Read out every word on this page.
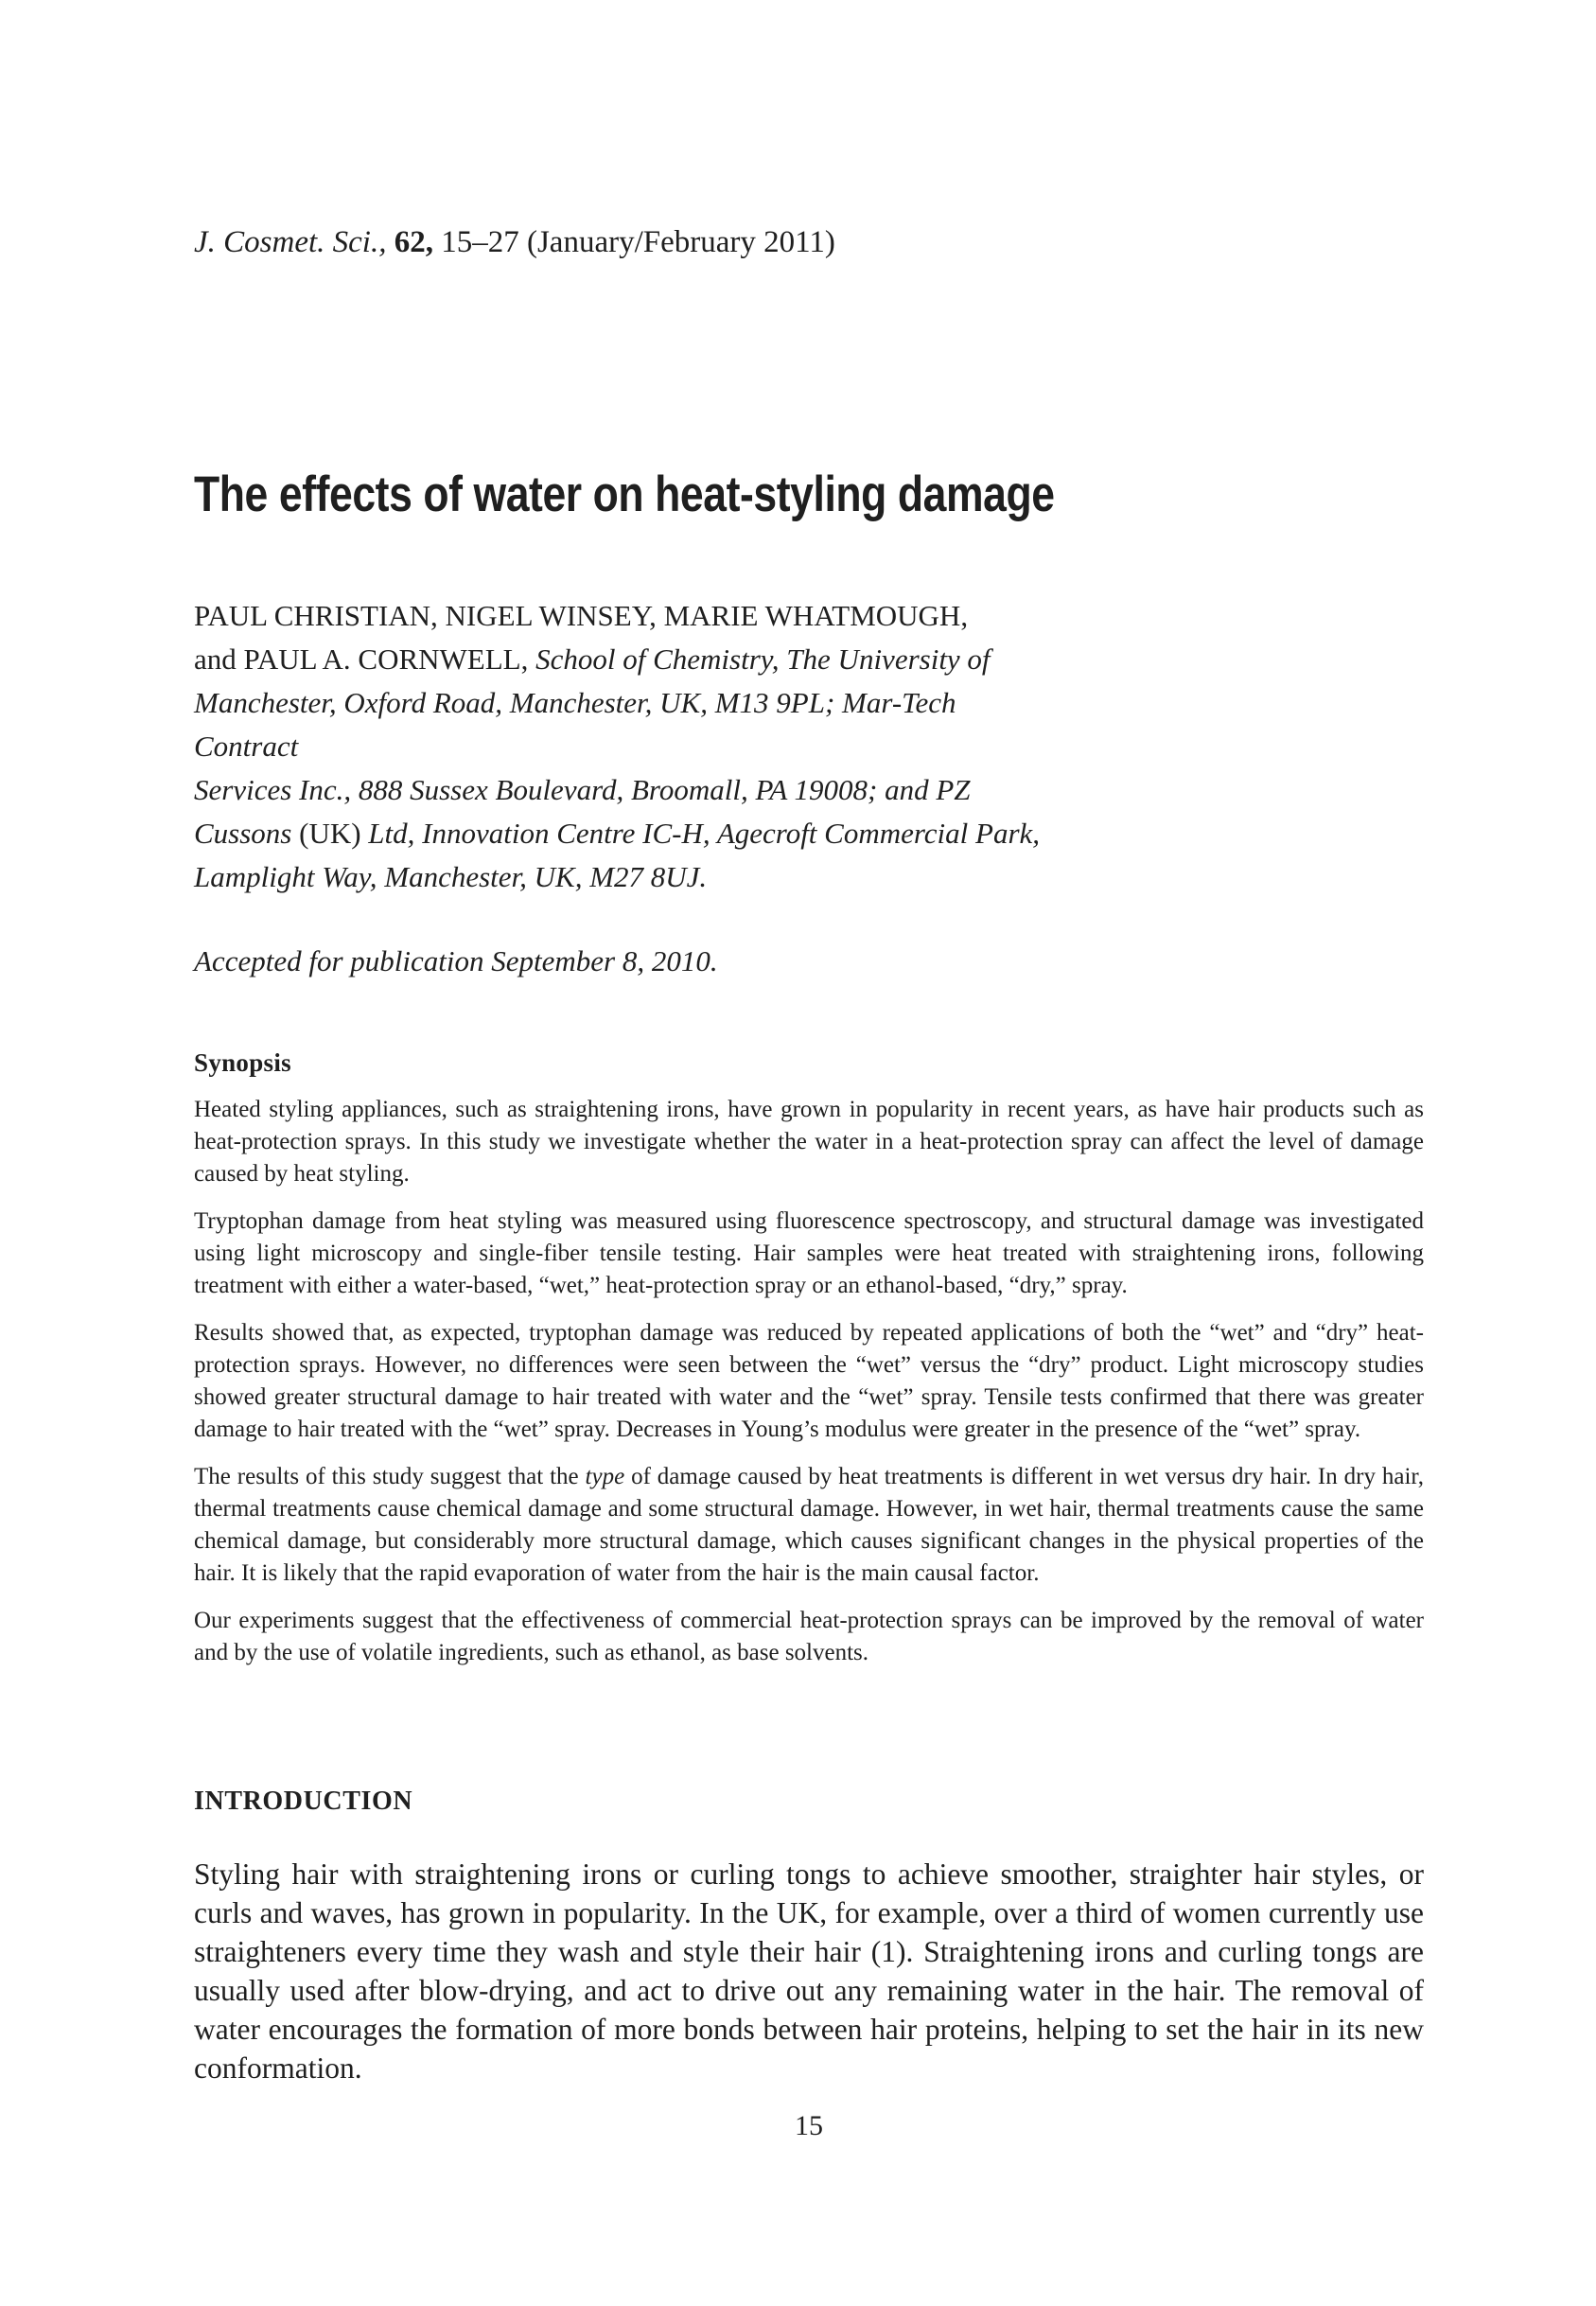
J. Cosmet. Sci., 62, 15–27 (January/February 2011)
The effects of water on heat-styling damage
PAUL CHRISTIAN, NIGEL WINSEY, MARIE WHATMOUGH,
and PAUL A. CORNWELL, School of Chemistry, The University of
Manchester, Oxford Road, Manchester, UK, M13 9PL; Mar-Tech Contract
Services Inc., 888 Sussex Boulevard, Broomall, PA 19008; and PZ
Cussons (UK) Ltd, Innovation Centre IC-H, Agecroft Commercial Park,
Lamplight Way, Manchester, UK, M27 8UJ.
Accepted for publication September 8, 2010.
Synopsis

Heated styling appliances, such as straightening irons, have grown in popularity in recent years, as have hair products such as heat-protection sprays. In this study we investigate whether the water in a heat-protection spray can affect the level of damage caused by heat styling.

Tryptophan damage from heat styling was measured using fluorescence spectroscopy, and structural damage was investigated using light microscopy and single-fiber tensile testing. Hair samples were heat treated with straightening irons, following treatment with either a water-based, “wet,” heat-protection spray or an ethanol-based, “dry,” spray.

Results showed that, as expected, tryptophan damage was reduced by repeated applications of both the “wet” and “dry” heat-protection sprays. However, no differences were seen between the “wet” versus the “dry” product. Light microscopy studies showed greater structural damage to hair treated with water and the “wet” spray. Tensile tests confirmed that there was greater damage to hair treated with the “wet” spray. Decreases in Young’s modulus were greater in the presence of the “wet” spray.

The results of this study suggest that the type of damage caused by heat treatments is different in wet versus dry hair. In dry hair, thermal treatments cause chemical damage and some structural damage. However, in wet hair, thermal treatments cause the same chemical damage, but considerably more structural damage, which causes significant changes in the physical properties of the hair. It is likely that the rapid evaporation of water from the hair is the main causal factor.

Our experiments suggest that the effectiveness of commercial heat-protection sprays can be improved by the removal of water and by the use of volatile ingredients, such as ethanol, as base solvents.

INTRODUCTION

Styling hair with straightening irons or curling tongs to achieve smoother, straighter hair styles, or curls and waves, has grown in popularity. In the UK, for example, over a third of women currently use straighteners every time they wash and style their hair (1). Straightening irons and curling tongs are usually used after blow-drying, and act to drive out any remaining water in the hair. The removal of water encourages the formation of more bonds between hair proteins, helping to set the hair in its new conformation.

15
